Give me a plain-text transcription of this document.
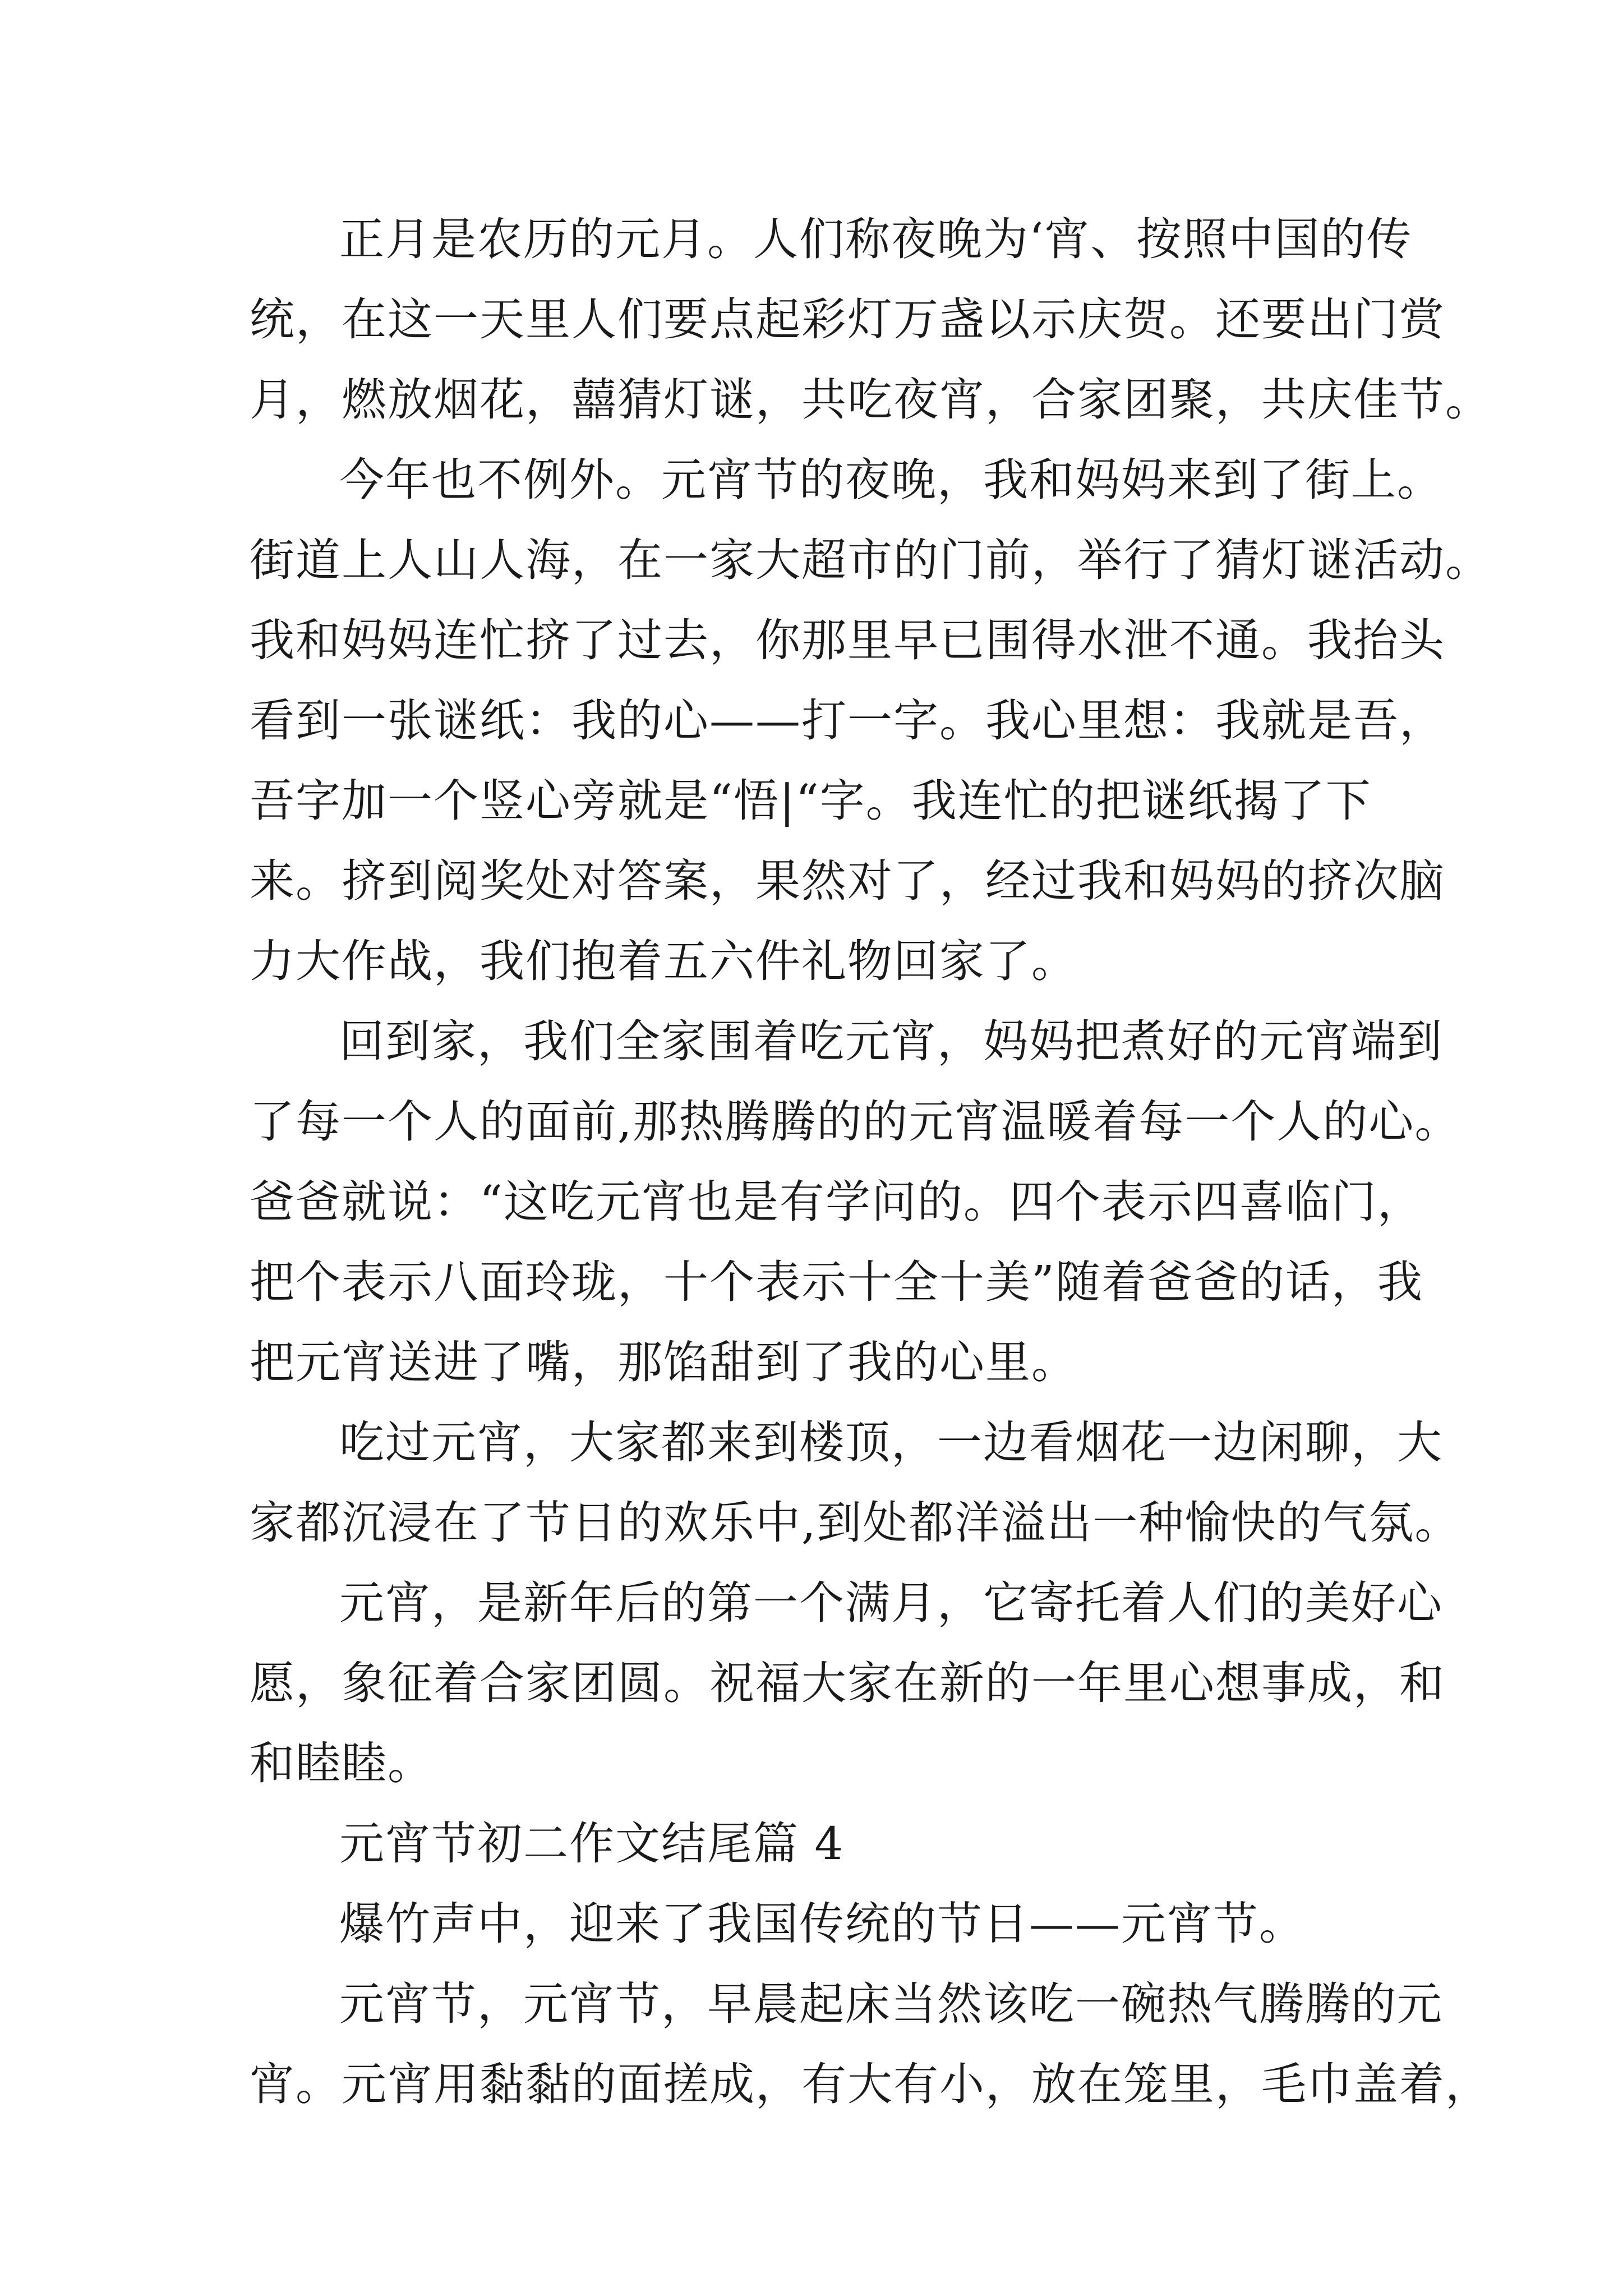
正月是农历的元月。人们称夜晚为‘宵、按照中国的传
统，在这一天里人们要点起彩灯万盏以示庆贺。还要出门赏
月，燃放烟花，囍猜灯谜，共吃夜宵，合家团聚，共庆佳节。
今年也不例外。元宵节的夜晚，我和妈妈来到了街上。
街道上人山人海，在一家大超市的门前，举行了猜灯谜活动。
我和妈妈连忙挤了过去，你那里早已围得水泄不通。我抬头
看到一张谜纸：我的心——打一字。我心里想：我就是吾，
吾字加一个竖心旁就是“悟|“字。我连忙的把谜纸揭了下
来。挤到阅奖处对答案，果然对了，经过我和妈妈的挤次脑
力大作战，我们抱着五六件礼物回家了。
回到家，我们全家围着吃元宵，妈妈把煮好的元宵端到
了每一个人的面前,那热腾腾的的元宵温暖着每一个人的心。
爸爸就说：“这吃元宵也是有学问的。四个表示四喜临门，
把个表示八面玲珑，十个表示十全十美”随着爸爸的话，我
把元宵送进了嘴，那馅甜到了我的心里。
吃过元宵，大家都来到楼顶，一边看烟花一边闲聊，大
家都沉浸在了节日的欢乐中,到处都洋溢出一种愉快的气氛。
元宵，是新年后的第一个满月，它寄托着人们的美好心
愿，象征着合家团圆。祝福大家在新的一年里心想事成，和
和睦睦。
元宵节初二作文结尾篇 4
爆竹声中，迎来了我国传统的节日——元宵节。
元宵节，元宵节，早晨起床当然该吃一碗热气腾腾的元
宵。元宵用黏黏的面搓成，有大有小，放在笼里，毛巾盖着，
